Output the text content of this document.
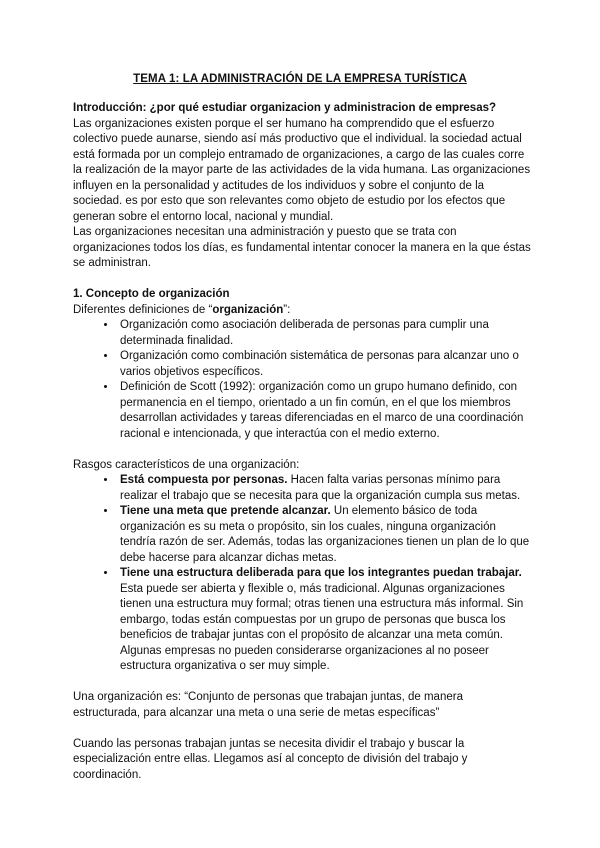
TEMA 1: LA ADMINISTRACIÓN DE LA EMPRESA TURÍSTICA

Introducción: ¿por qué estudiar organizacion y administracion de empresas?

Las organizaciones existen porque el ser humano ha comprendido que el esfuerzo colectivo puede aunarse, siendo así más productivo que el individual. la sociedad actual está formada por un complejo entramado de organizaciones, a cargo de las cuales corre la realización de la mayor parte de las actividades de la vida humana. Las organizaciones influyen en la personalidad y actitudes de los individuos y sobre el conjunto de la sociedad. es por esto que son relevantes como objeto de estudio por los efectos que generan sobre el entorno local, nacional y mundial.

Las organizaciones necesitan una administración y puesto que se trata con organizaciones todos los días, es fundamental intentar conocer la manera en la que éstas se administran.

1. Concepto de organización

Diferentes definiciones de “organización”:

• Organización como asociación deliberada de personas para cumplir una determinada finalidad.
• Organización como combinación sistemática de personas para alcanzar uno o varios objetivos específicos.
• Definición de Scott (1992): organización como un grupo humano definido, con permanencia en el tiempo, orientado a un fin común, en el que los miembros desarrollan actividades y tareas diferenciadas en el marco de una coordinación racional e intencionada, y que interactúa con el medio externo.

Rasgos característicos de una organización:

• Está compuesta por personas. Hacen falta varias personas mínimo para realizar el trabajo que se necesita para que la organización cumpla sus metas.
• Tiene una meta que pretende alcanzar. Un elemento básico de toda organización es su meta o propósito, sin los cuales, ninguna organización tendría razón de ser. Además, todas las organizaciones tienen un plan de lo que debe hacerse para alcanzar dichas metas.
• Tiene una estructura deliberada para que los integrantes puedan trabajar. Esta puede ser abierta y flexible o, más tradicional. Algunas organizaciones tienen una estructura muy formal; otras tienen una estructura más informal. Sin embargo, todas están compuestas por un grupo de personas que busca los beneficios de trabajar juntas con el propósito de alcanzar una meta común. Algunas empresas no pueden considerarse organizaciones al no poseer estructura organizativa o ser muy simple.

Una organización es: “Conjunto de personas que trabajan juntas, de manera estructurada, para alcanzar una meta o una serie de metas específicas”

Cuando las personas trabajan juntas se necesita dividir el trabajo y buscar la especialización entre ellas. Llegamos así al concepto de división del trabajo y coordinación.
